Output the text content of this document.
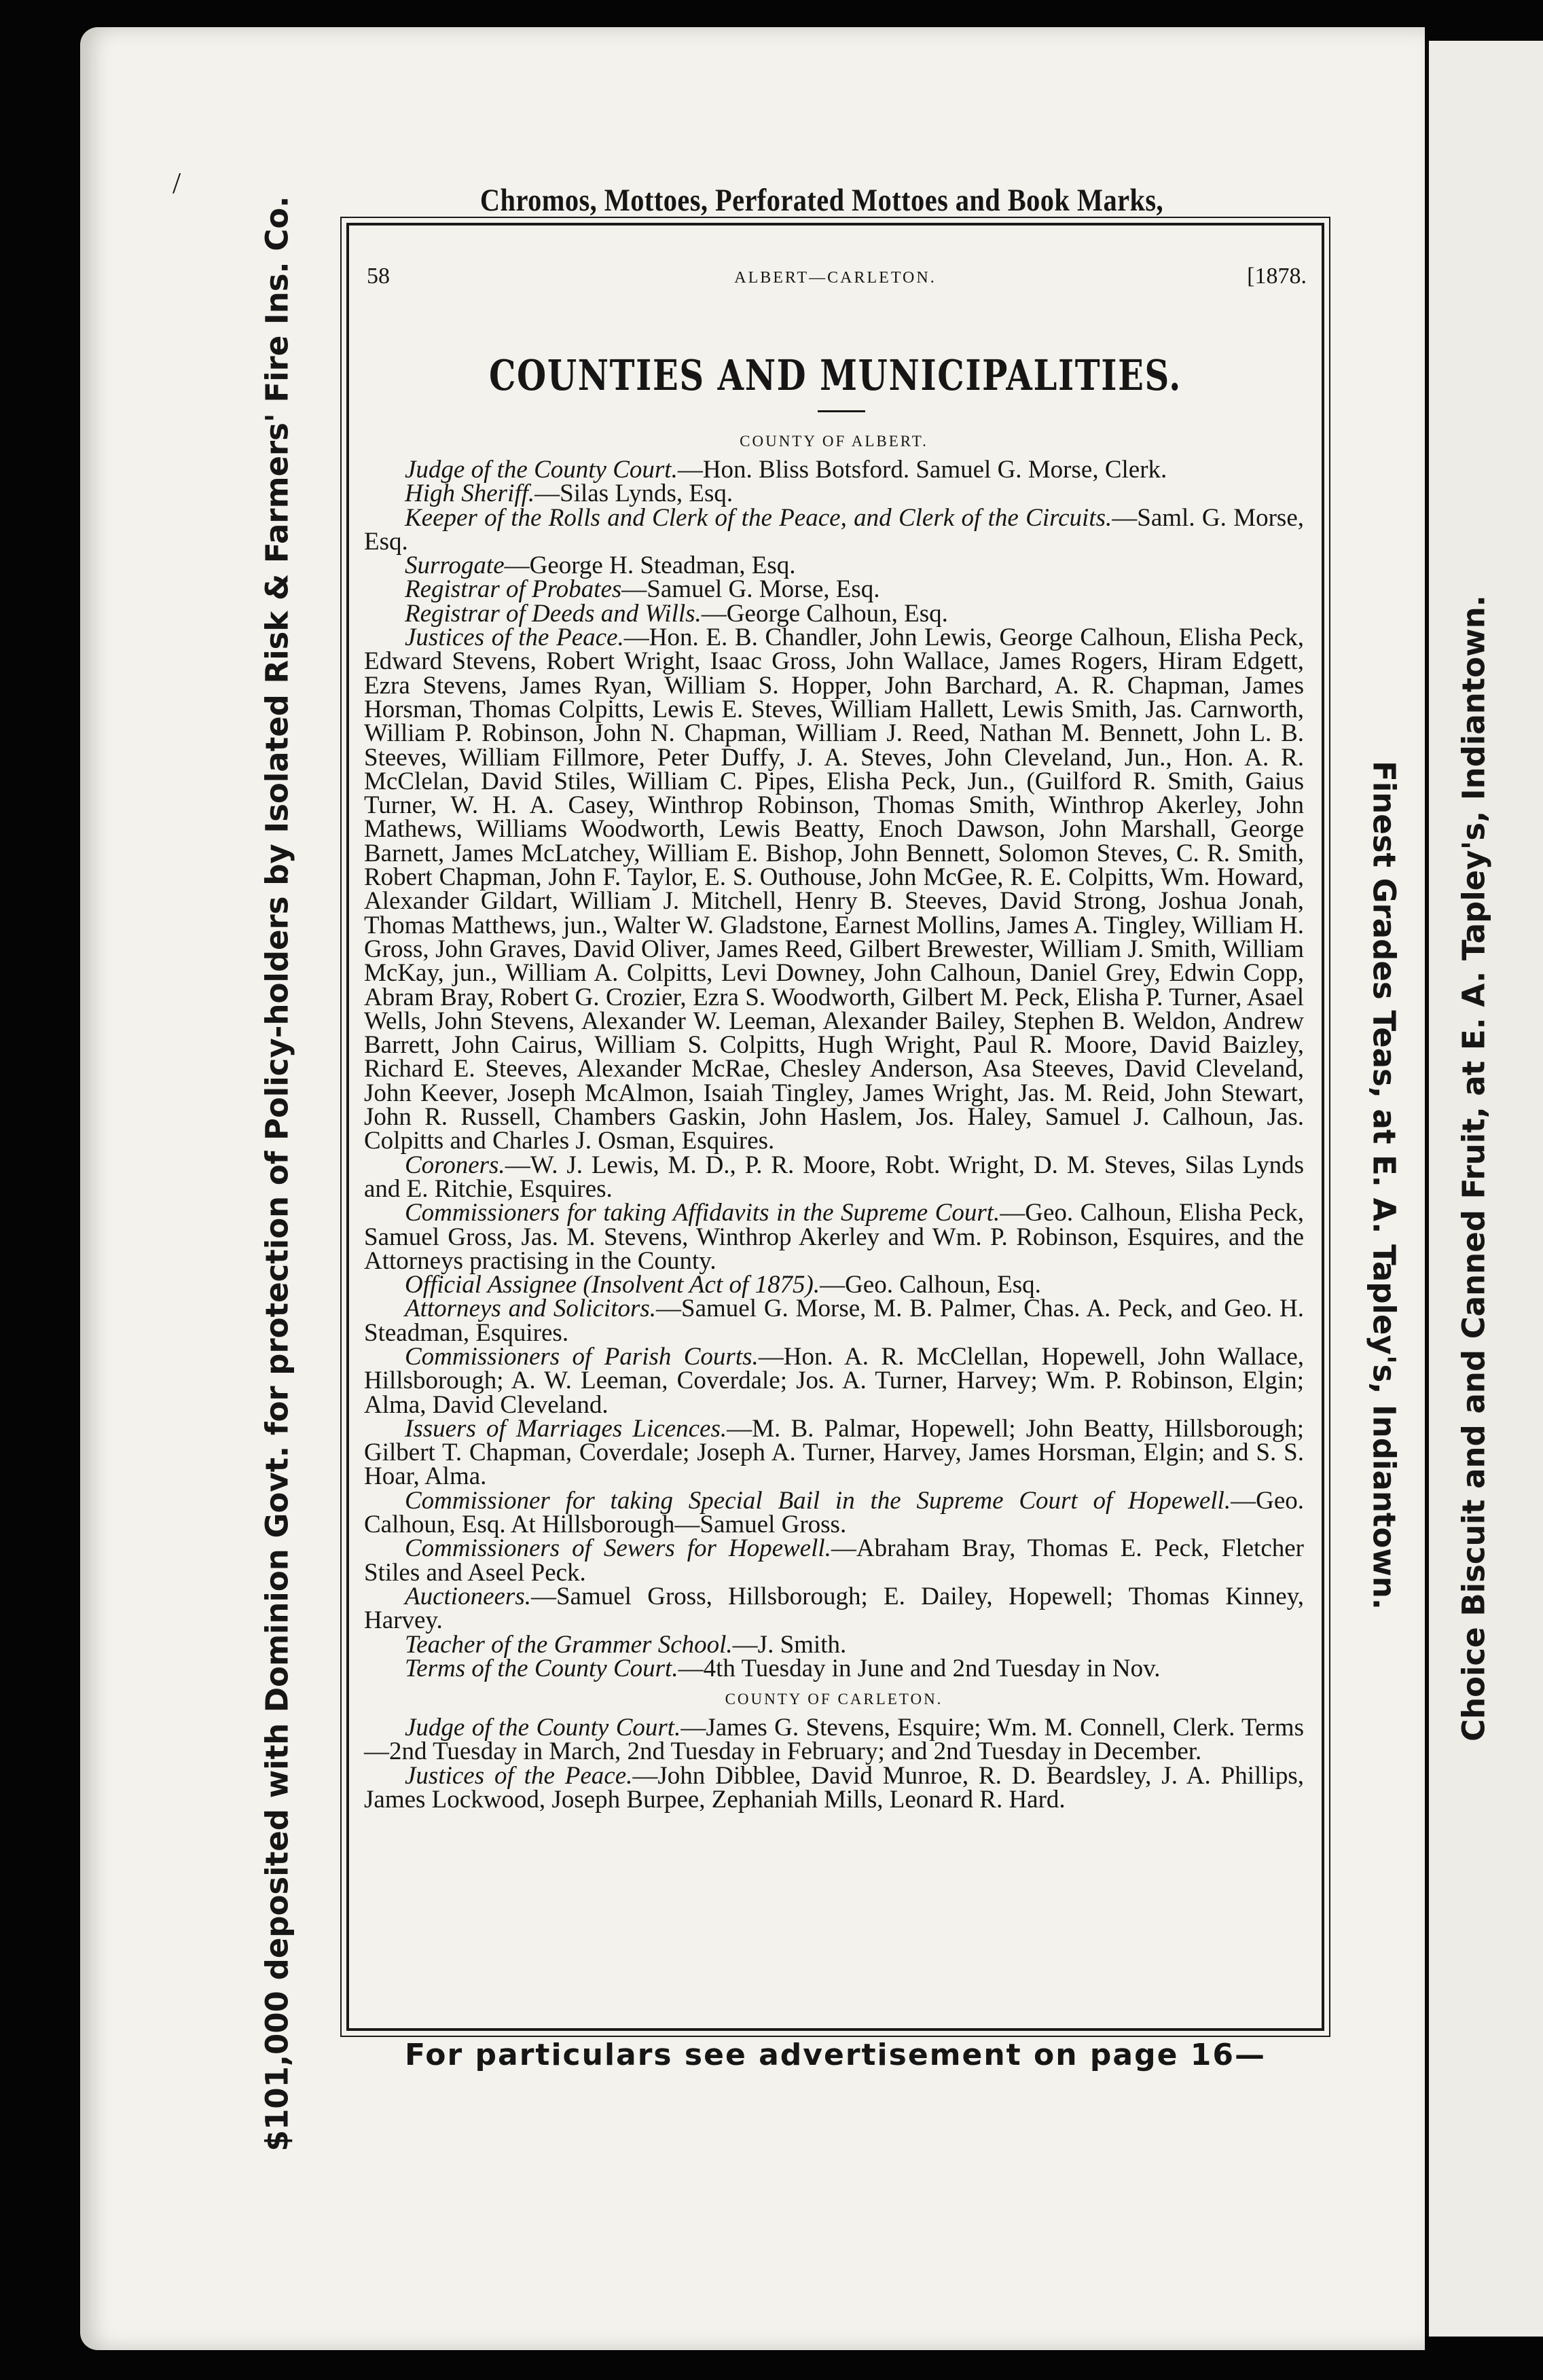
/	Chromos, Mottoes, Perforated Mottoes and Book Marks,
$101,000 deposited with Dominion Govt. for protection of Policy-holders by Isolated Risk & Farmers' Fire Ins. Co.	Finest Grades Teas, at E. A. Tapley's, Indiantown. Choice Biscuit and and Canned Fruit, at E. A. Tapley's, Indiantown.
For particulars see advertisement on page 16—
58	ALBERT—CARLETON.	[1878.
COUNTIES AND MUNICIPALITIES.
COUNTY OF ALBERT.

Judge of the County Court.—Hon. Bliss Botsford. Samuel G. Morse, Clerk.

High Sheriff.—Silas Lynds, Esq.

Keeper of the Rolls and Clerk of the Peace, and Clerk of the Circuits.—Saml. G. Morse, Esq.

Surrogate—George H. Steadman, Esq.

Registrar of Probates—Samuel G. Morse, Esq.

Registrar of Deeds and Wills.—George Calhoun, Esq.

Justices of the Peace.—Hon. E. B. Chandler, John Lewis, George Calhoun, Elisha Peck, Edward Stevens, Robert Wright, Isaac Gross, John Wallace, James Rogers, Hiram Edgett, Ezra Stevens, James Ryan, William S. Hopper, John Barchard, A. R. Chapman, James Horsman, Thomas Colpitts, Lewis E. Steves, William Hallett, Lewis Smith, Jas. Carnworth, William P. Robinson, John N. Chapman, William J. Reed, Nathan M. Bennett, John L. B. Steeves, William Fillmore, Peter Duffy, J. A. Steves, John Cleveland, Jun., Hon. A. R. McClelan, David Stiles, William C. Pipes, Elisha Peck, Jun., (Guilford R. Smith, Gaius Turner, W. H. A. Casey, Winthrop Robinson, Thomas Smith, Winthrop Akerley, John Mathews, Williams Woodworth, Lewis Beatty, Enoch Dawson, John Marshall, George Barnett, James McLatchey, William E. Bishop, John Bennett, Solomon Steves, C. R. Smith, Robert Chapman, John F. Taylor, E. S. Outhouse, John McGee, R. E. Colpitts, Wm. Howard, Alexander Gildart, William J. Mitchell, Henry B. Steeves, David Strong, Joshua Jonah, Thomas Matthews, jun., Walter W. Gladstone, Earnest Mollins, James A. Tingley, William H. Gross, John Graves, David Oliver, James Reed, Gilbert Brewester, William J. Smith, William McKay, jun., William A. Colpitts, Levi Downey, John Calhoun, Daniel Grey, Edwin Copp, Abram Bray, Robert G. Crozier, Ezra S. Woodworth, Gilbert M. Peck, Elisha P. Turner, Asael Wells, John Stevens, Alexander W. Leeman, Alexander Bailey, Stephen B. Weldon, Andrew Barrett, John Cairus, William S. Colpitts, Hugh Wright, Paul R. Moore, David Baizley, Richard E. Steeves, Alexander McRae, Chesley Anderson, Asa Steeves, David Cleveland, John Keever, Joseph McAlmon, Isaiah Tingley, James Wright, Jas. M. Reid, John Stewart, John R. Russell, Chambers Gaskin, John Haslem, Jos. Haley, Samuel J. Calhoun, Jas. Colpitts and Charles J. Osman, Esquires.

Coroners.—W. J. Lewis, M. D., P. R. Moore, Robt. Wright, D. M. Steves, Silas Lynds and E. Ritchie, Esquires.

Commissioners for taking Affidavits in the Supreme Court.—Geo. Calhoun, Elisha Peck, Samuel Gross, Jas. M. Stevens, Winthrop Akerley and Wm. P. Robinson, Esquires, and the Attorneys practising in the County.

Official Assignee (Insolvent Act of 1875).—Geo. Calhoun, Esq.

Attorneys and Solicitors.—Samuel G. Morse, M. B. Palmer, Chas. A. Peck, and Geo. H. Steadman, Esquires.

Commissioners of Parish Courts.—Hon. A. R. McClellan, Hopewell, John Wallace, Hillsborough; A. W. Leeman, Coverdale; Jos. A. Turner, Harvey; Wm. P. Robinson, Elgin; Alma, David Cleveland.

Issuers of Marriages Licences.—M. B. Palmar, Hopewell; John Beatty, Hillsborough; Gilbert T. Chapman, Coverdale; Joseph A. Turner, Harvey, James Horsman, Elgin; and S. S. Hoar, Alma.

Commissioner for taking Special Bail in the Supreme Court of Hopewell.—Geo. Calhoun, Esq. At Hillsborough—Samuel Gross.

Commissioners of Sewers for Hopewell.—Abraham Bray, Thomas E. Peck, Fletcher Stiles and Aseel Peck.

Auctioneers.—Samuel Gross, Hillsborough; E. Dailey, Hopewell; Thomas Kinney, Harvey.

Teacher of the Grammer School.—J. Smith.

Terms of the County Court.—4th Tuesday in June and 2nd Tuesday in Nov.

COUNTY OF CARLETON.

Judge of the County Court.—James G. Stevens, Esquire; Wm. M. Connell, Clerk. Terms—2nd Tuesday in March, 2nd Tuesday in February; and 2nd Tuesday in December.

Justices of the Peace.—John Dibblee, David Munroe, R. D. Beardsley, J. A. Phillips, James Lockwood, Joseph Burpee, Zephaniah Mills, Leonard R. Hard.
